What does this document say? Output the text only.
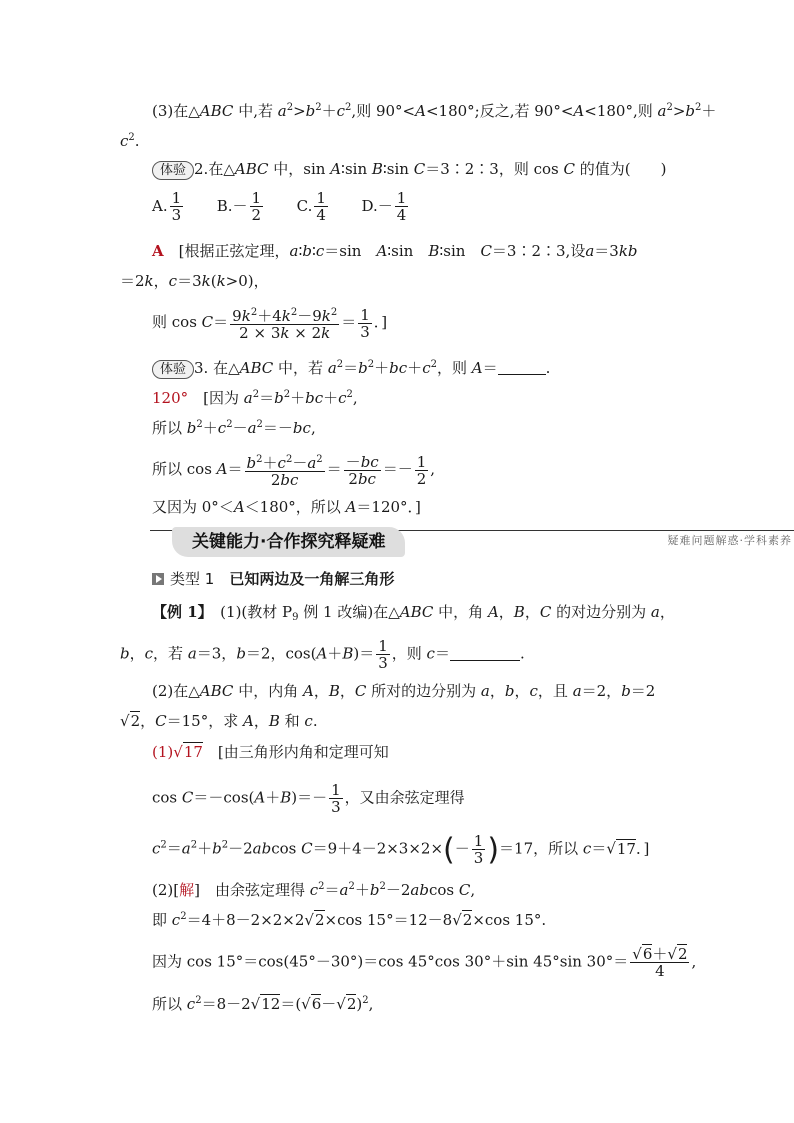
(3)在△ABC 中,若 $a^2>b^2+c^2$,则 90°<A<180°;反之,若 90°<A<180°,则 $a^2>b^2+$
$c^2$.
体验 2.在△ABC 中，sin A∶sin B∶sin C＝3∶2∶3，则 cos C 的值为(　　)
A. $\frac{1}{3} B.- \frac{1}{2} C$. $\frac{1}{4} D.- \frac{1}{4}$
A　[根据正弦定理，a∶b∶c＝sin　A∶sin　B∶sin　C＝3∶2∶3,设a＝3kb
＝2k，c＝3k(k>0)，
则 $\cos C= \frac{9k^2+4k^2-9k^2}{2 \times 3k \times 2k} = \frac{1}{3}$ ．]
体验 3. 在△ABC 中，若 $a^2=b^2+bc+c^2$，则 A＝	.
120°　[因为 $a^2=b^2+bc+c^2$,
所以 $b^2+c^2-a^2=-bc$,
所以 $\cos A= \frac{b^2+c^2-a^2}{2bc} = \frac{-bc}{2bc} =- \frac{1}{2}$ ,
又因为 0°＜A＜180°，所以 A＝120°．]
关键能力·合作探究释疑难	疑难问题解惑·学科素养
类型 1　 已知两边及一角解三角形
【例 1】　(1)(教材 $P_9$ 例 1 改编)在△ABC 中，角 A，B，C 的对边分别为 a，
b，c，若 a＝3，b＝2，$\cos(A+B)= \frac{1}{3}$ ，则 c＝	.
(2)在△ABC 中，内角 A，B，C 所对的边分别为 a，b，c，且 a＝2，b＝2
√2，C＝15°，求 A，B 和 c.
(1)√17　[由三角形内角和定理可知
$\cos C=-\cos(A+B)=- \frac{1}{3}$ ，又由余弦定理得
$c^2=a^2+b^2-2abcos$ $C=9+4-2\times 3\times 2\times(- \frac{1}{3} )=17$，所以 c＝√17．]
(2)[解]　由余弦定理得 $c^2=a^2+b^2-2abcos$ C,
即 $c^2=4+8-2\times 2\times 2√2\times\cos$ 15°＝12－8√2×cos 15°.
因为 cos 15°＝cos(45°－30°)＝cos 45°cos 30°＋sin 45°sin $30^\circ= \frac{√6+√2}{4}$ ,
所以 $c^2=8-2√12=(√6-√2)^2$,
